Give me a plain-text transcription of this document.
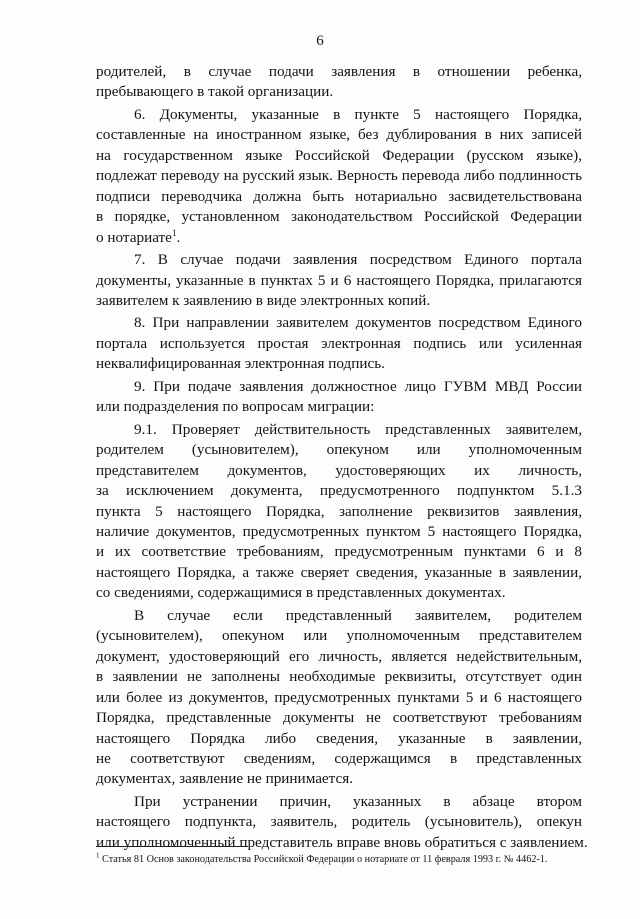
6
родителей, в случае подачи заявления в отношении ребенка,
пребывающего в такой организации.
6. Документы, указанные в пункте 5 настоящего Порядка,
составленные на иностранном языке, без дублирования в них записей
на государственном языке Российской Федерации (русском языке),
подлежат переводу на русский язык. Верность перевода либо подлинность
подписи переводчика должна быть нотариально засвидетельствована
в порядке, установленном законодательством Российской Федерации
о нотариате$^1$.
7. В случае подачи заявления посредством Единого портала
документы, указанные в пунктах 5 и 6 настоящего Порядка, прилагаются
заявителем к заявлению в виде электронных копий.
8. При направлении заявителем документов посредством Единого
портала используется простая электронная подпись или усиленная
неквалифицированная электронная подпись.
9. При подаче заявления должностное лицо ГУВМ МВД России
или подразделения по вопросам миграции:
9.1. Проверяет действительность представленных заявителем,
родителем (усыновителем), опекуном или уполномоченным
представителем документов, удостоверяющих их личность,
за исключением документа, предусмотренного подпунктом 5.1.3
пункта 5 настоящего Порядка, заполнение реквизитов заявления,
наличие документов, предусмотренных пунктом 5 настоящего Порядка,
и их соответствие требованиям, предусмотренным пунктами 6 и 8
настоящего Порядка, а также сверяет сведения, указанные в заявлении,
со сведениями, содержащимися в представленных документах.
В случае если представленный заявителем, родителем
(усыновителем), опекуном или уполномоченным представителем
документ, удостоверяющий его личность, является недействительным,
в заявлении не заполнены необходимые реквизиты, отсутствует один
или более из документов, предусмотренных пунктами 5 и 6 настоящего
Порядка, представленные документы не соответствуют требованиям
настоящего Порядка либо сведения, указанные в заявлении,
не соответствуют сведениям, содержащимся в представленных
документах, заявление не принимается.
При устранении причин, указанных в абзаце втором
настоящего подпункта, заявитель, родитель (усыновитель), опекун
или уполномоченный представитель вправе вновь обратиться с заявлением.
$^1$ Статья 81 Основ законодательства Российской Федерации о нотариате от 11 февраля 1993 г. № 4462-1.
